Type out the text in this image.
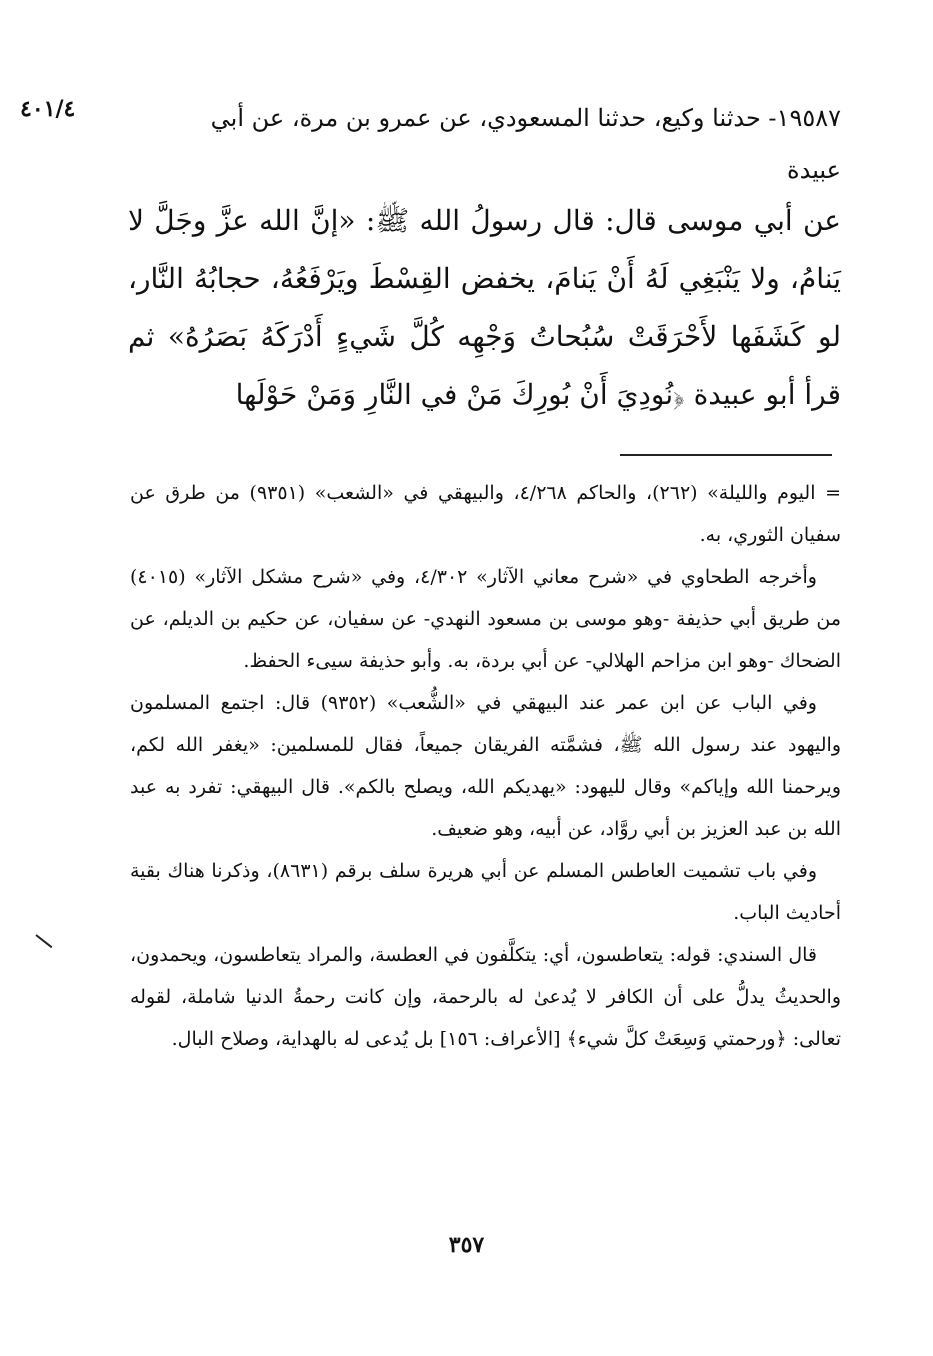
٤٠١/٤	١٩٥٨٧- حدثنا وكيع، حدثنا المسعودي، عن عمرو بن مرة، عن أبي
عبيدة

عن أبي موسى قال: قال رسولُ الله ﷺ: «إنَّ الله عزَّ وجَلَّ لا يَنامُ، ولا يَنْبَغِي لَهُ أَنْ يَنامَ، يخفض القِسْطَ ويَرْفَعُهُ، حجابُهُ النَّار، لو كَشَفَها لأَحْرَقَتْ سُبُحاتُ وَجْهِه كُلَّ شَيءٍ أَدْرَكَهُ بَصَرُهُ» ثم قرأ أبو عبيدة ﴿نُودِيَ أَنْ بُورِكَ مَنْ في النَّارِ وَمَنْ حَوْلَها

= اليوم والليلة» (٢٦٢)، والحاكم ٤/٢٦٨، والبيهقي في «الشعب» (٩٣٥١) من طرق عن سفيان الثوري، به.

وأخرجه الطحاوي في «شرح معاني الآثار» ٤/٣٠٢، وفي «شرح مشكل الآثار» (٤٠١٥) من طريق أبي حذيفة -وهو موسى بن مسعود النهدي- عن سفيان، عن حكيم بن الديلم، عن الضحاك -وهو ابن مزاحم الهلالي- عن أبي بردة، به. وأبو حذيفة سيىء الحفظ.

وفي الباب عن ابن عمر عند البيهقي في «الشُّعب» (٩٣٥٢) قال: اجتمع المسلمون واليهود عند رسول الله ﷺ، فشمَّته الفريقان جميعاً، فقال للمسلمين: «يغفر الله لكم، ويرحمنا الله وإياكم» وقال لليهود: «يهديكم الله، ويصلح بالكم». قال البيهقي: تفرد به عبد الله بن عبد العزيز بن أبي روَّاد، عن أبيه، وهو ضعيف.

وفي باب تشميت العاطس المسلم عن أبي هريرة سلف برقم (٨٦٣١)، وذكرنا هناك بقية أحاديث الباب.

قال السندي: قوله: يتعاطسون، أي: يتكلَّفون في العطسة، والمراد يتعاطسون، ويحمدون، والحديثُ يدلُّ على أن الكافر لا يُدعىٰ له بالرحمة، وإن كانت رحمةُ الدنيا شاملة، لقوله تعالى: ﴿ورحمتي وَسِعَتْ كلَّ شيء﴾ [الأعراف: ١٥٦] بل يُدعى له بالهداية، وصلاح البال.

٣٥٧
